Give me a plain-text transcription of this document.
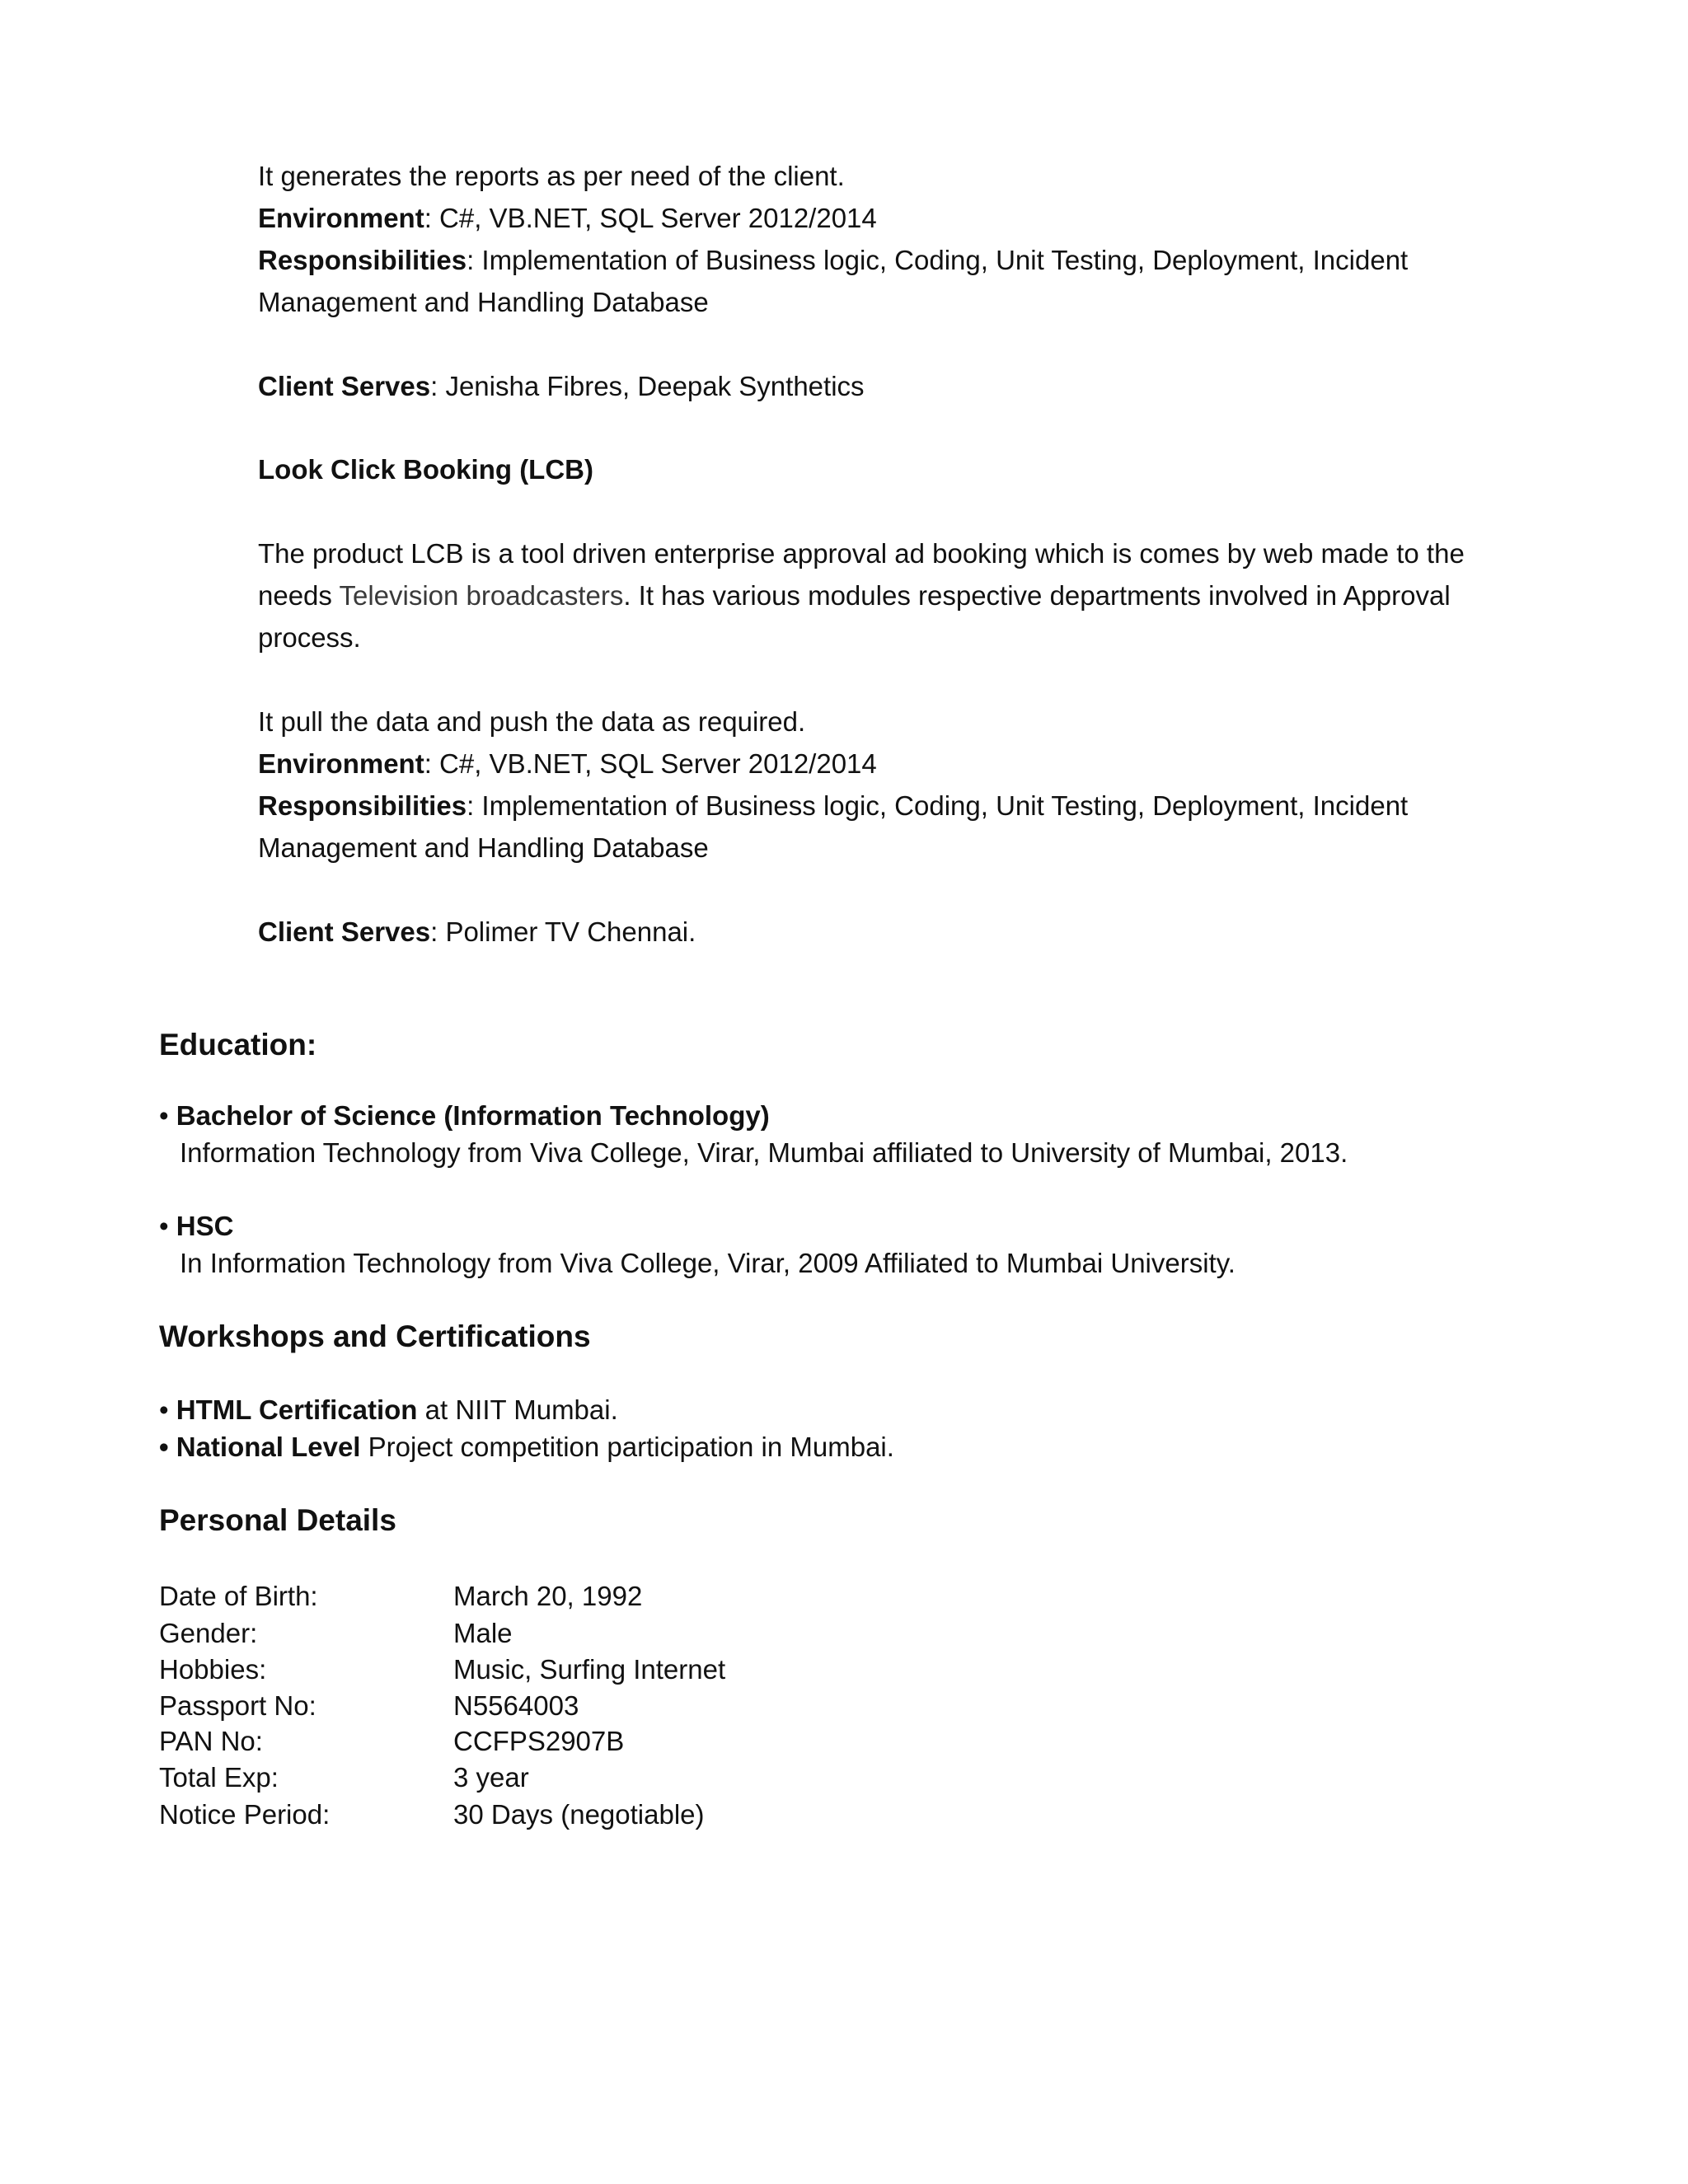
It generates the reports as per need of the client.
Environment: C#, VB.NET, SQL Server 2012/2014
Responsibilities: Implementation of Business logic, Coding, Unit Testing, Deployment, Incident
Management and Handling Database
Client Serves: Jenisha Fibres, Deepak Synthetics
Look Click Booking (LCB)
The product LCB is a tool driven enterprise approval ad booking which is comes by web made to the
needs Television broadcasters. It has various modules respective departments involved in Approval
process.
It pull the data and push the data as required.
Environment: C#, VB.NET, SQL Server 2012/2014
Responsibilities: Implementation of Business logic, Coding, Unit Testing, Deployment, Incident
Management and Handling Database
Client Serves: Polimer TV Chennai.
Education:
• Bachelor of Science (Information Technology)
Information Technology from Viva College, Virar, Mumbai affiliated to University of Mumbai, 2013.
• HSC
In Information Technology from Viva College, Virar, 2009 Affiliated to Mumbai University.
Workshops and Certifications
• HTML Certification at NIIT Mumbai.
• National Level Project competition participation in Mumbai.
Personal Details
Date of Birth:	March 20, 1992
Gender:	Male
Hobbies:	Music, Surfing Internet
Passport No:	N5564003
PAN No:	CCFPS2907B
Total Exp:	3 year
Notice Period:	30 Days (negotiable)
